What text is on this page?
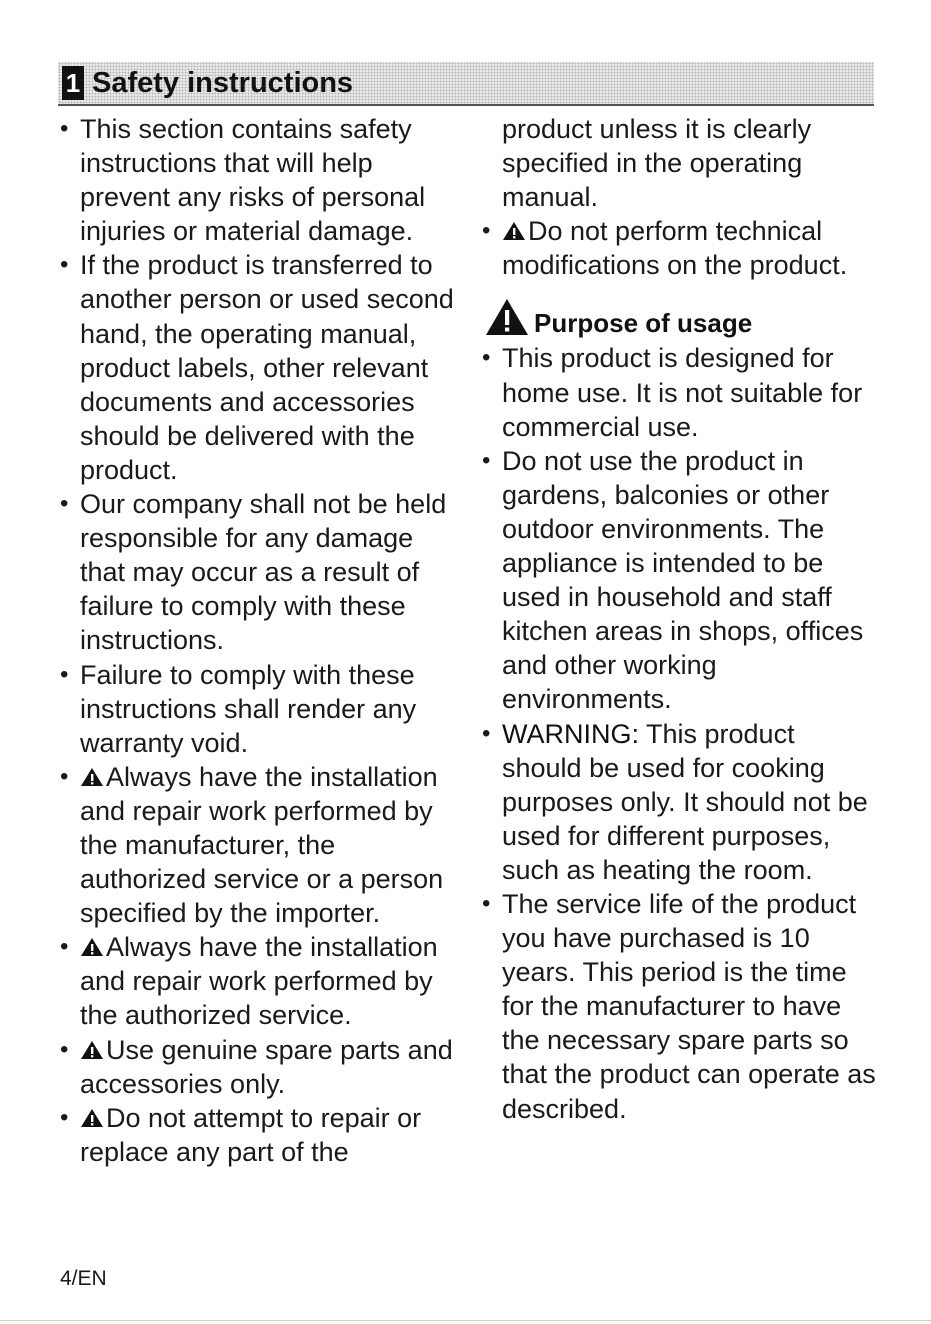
1 Safety instructions
• This section contains safety instructions that will help prevent any risks of personal injuries or material damage.
• If the product is transferred to another person or used second hand, the operating manual, product labels, other relevant documents and accessories should be delivered with the product.
• Our company shall not be held responsible for any damage that may occur as a result of failure to comply with these instructions.
• Failure to comply with these instructions shall render any warranty void.
• Always have the installation and repair work performed by the manufacturer, the authorized service or a person specified by the importer.
• Always have the installation and repair work performed by the authorized service.
• Use genuine spare parts and accessories only.
• Do not attempt to repair or replace any part of the
product unless it is clearly specified in the operating manual.
• Do not perform technical modifications on the product.
Purpose of usage
• This product is designed for home use. It is not suitable for commercial use.
• Do not use the product in gardens, balconies or other outdoor environments. The appliance is intended to be used in household and staff kitchen areas in shops, offices and other working environments.
• WARNING: This product should be used for cooking purposes only. It should not be used for different purposes, such as heating the room.
• The service life of the product you have purchased is 10 years. This period is the time for the manufacturer to have the necessary spare parts so that the product can operate as described.
4/EN
